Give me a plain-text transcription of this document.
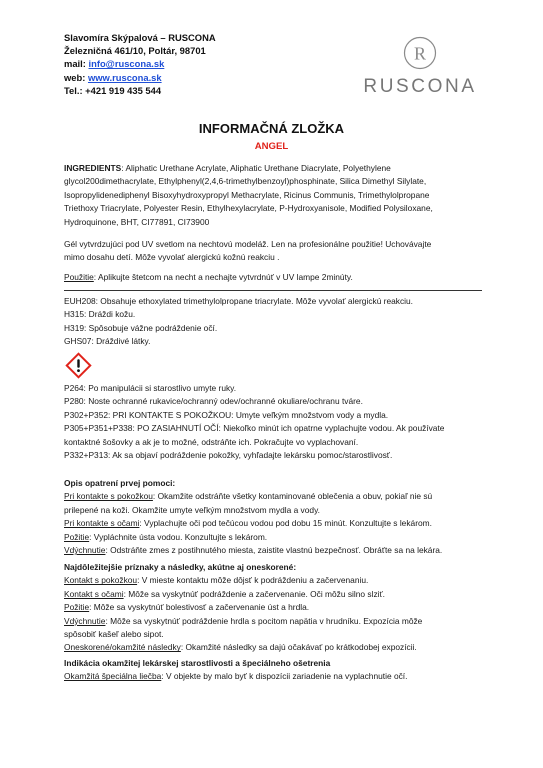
Slavomíra Skýpalová – RUSCONA
Železničná 461/10, Poltár, 98701
mail: info@ruscona.sk
web: www.ruscona.sk
Tel.: +421 919 435 544
R
RUSCONA
INFORMAČNÁ ZLOŽKA
ANGEL
INGREDIENTS: Aliphatic Urethane Acrylate, Aliphatic Urethane Diacrylate, Polyethylene
glycol200dimethacrylate, Ethylphenyl(2,4,6-trimethylbenzoyl)phosphinate, Silica Dimethyl Silylate,
Isopropylidenediphenyl Bisoxyhydroxypropyl Methacrylate, Ricinus Communis, Trimethylolpropane
Triethoxy Triacrylate, Polyester Resin, Ethylhexylacrylate, P-Hydroxyanisole, Modified Polysiloxane,
Hydroquinone, BHT, CI77891, CI73900
Gél vytvrdzujúci pod UV svetlom na nechtovú modeláž. Len na profesionálne použitie! Uchovávajte
mimo dosahu detí. Môže vyvolať alergickú kožnú reakciu .
Použitie: Aplikujte štetcom na necht a nechajte vytvrdnúť v UV lampe 2minúty.
EUH208: Obsahuje ethoxylated trimethylolpropane triacrylate. Môže vyvolať alergickú reakciu.
H315: Dráždi kožu.
H319: Spôsobuje vážne podráždenie očí.
GHS07: Dráždivé látky.
P264: Po manipulácii si starostlivo umyte ruky.
P280: Noste ochranné rukavice/ochranný odev/ochranné okuliare/ochranu tváre.
P302+P352: PRI KONTAKTE S POKOŽKOU: Umyte veľkým množstvom vody a mydla.
P305+P351+P338: PO ZASIAHNUTÍ OČÍ: Niekoľko minút ich opatrne vyplachujte vodou. Ak používate
kontaktné šošovky a ak je to možné, odstráňte ich. Pokračujte vo vyplachovaní.
P332+P313: Ak sa objaví podráždenie pokožky, vyhľadajte lekársku pomoc/starostlivosť.
Opis opatrení prvej pomoci:
Pri kontakte s pokožkou: Okamžite odstráňte všetky kontaminované oblečenia a obuv, pokiaľ nie sú
prilepené na koži. Okamžite umyte veľkým množstvom mydla a vody.
Pri kontakte s očami: Vyplachujte oči pod tečúcou vodou pod dobu 15 minút. Konzultujte s lekárom.
Požitie: Vypláchnite ústa vodou. Konzultujte s lekárom.
Vdýchnutie: Odstráňte zmes z postihnutého miesta, zaistite vlastnú bezpečnosť. Obráťte sa na lekára.
Najdôležitejšie príznaky a následky, akútne aj oneskorené:
Kontakt s pokožkou: V mieste kontaktu môže dôjsť k podráždeniu a začervenaniu.
Kontakt s očami: Môže sa vyskytnúť podráždenie a začervenanie. Oči môžu silno slziť.
Požitie: Môže sa vyskytnúť bolestivosť a začervenanie úst a hrdla.
Vdýchnutie: Môže sa vyskytnúť podráždenie hrdla s pocitom napätia v hrudníku. Expozícia môže
spôsobiť kašeľ alebo sipot.
Oneskorené/okamžité následky: Okamžité následky sa dajú očakávať po krátkodobej expozícii.
Indikácia okamžitej lekárskej starostlivosti a špeciálneho ošetrenia
Okamžitá špeciálna liečba: V objekte by malo byť k dispozícii zariadenie na vyplachnutie očí.
